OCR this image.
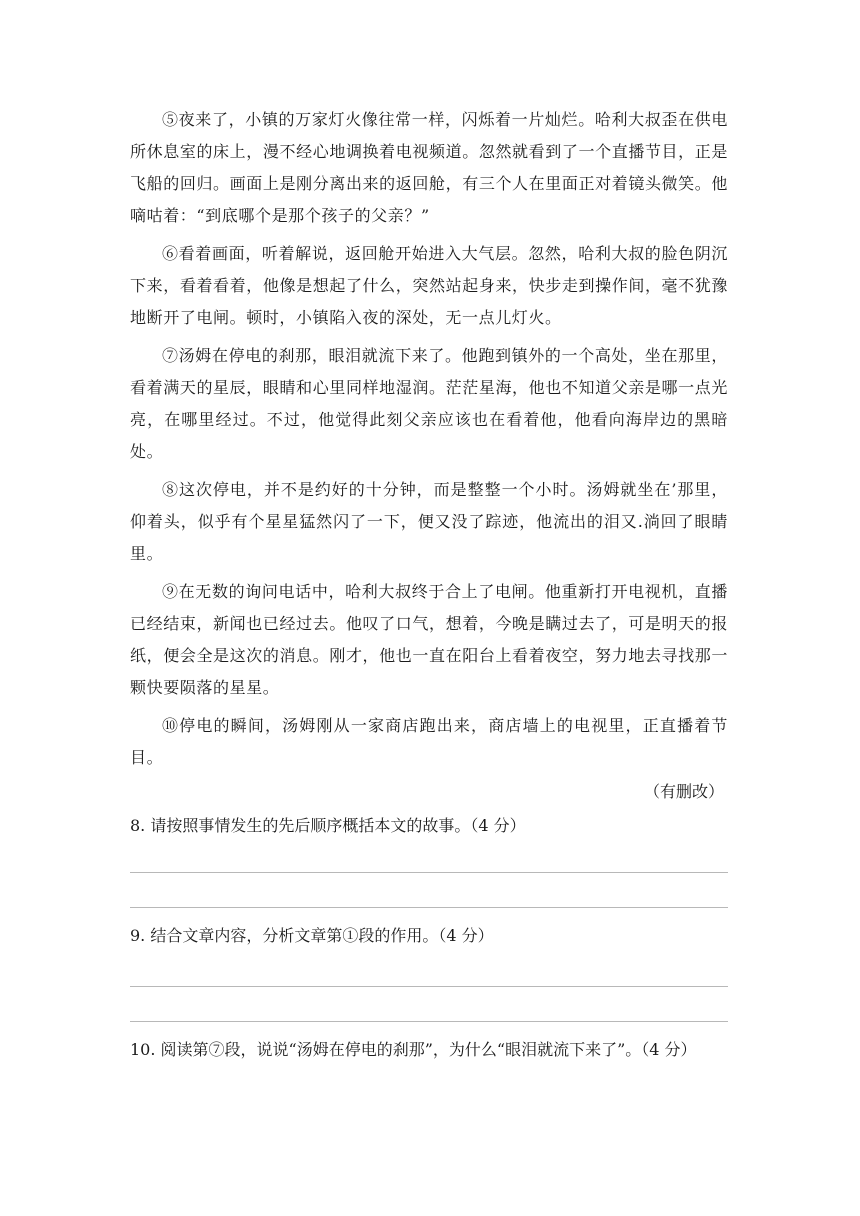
⑤夜来了，小镇的万家灯火像往常一样，闪烁着一片灿烂。哈利大叔歪在供电所休息室的床上，漫不经心地调换着电视频道。忽然就看到了一个直播节目，正是飞船的回归。画面上是刚分离出来的返回舱，有三个人在里面正对着镜头微笑。他嘀咕着：“到底哪个是那个孩子的父亲？”

⑥看着画面，听着解说，返回舱开始进入大气层。忽然，哈利大叔的脸色阴沉下来，看着看着，他像是想起了什么，突然站起身来，快步走到操作间，毫不犹豫地断开了电闸。顿时，小镇陷入夜的深处，无一点儿灯火。

⑦汤姆在停电的刹那，眼泪就流下来了。他跑到镇外的一个高处，坐在那里，看着满天的星辰，眼睛和心里同样地湿润。茫茫星海，他也不知道父亲是哪一点光亮，在哪里经过。不过，他觉得此刻父亲应该也在看着他，他看向海岸边的黑暗处。

⑧这次停电，并不是约好的十分钟，而是整整一个小时。汤姆就坐在’那里，仰着头，似乎有个星星猛然闪了一下，便又没了踪迹，他流出的泪又.淌回了眼睛里。

⑨在无数的询问电话中，哈利大叔终于合上了电闸。他重新打开电视机，直播已经结束，新闻也已经过去。他叹了口气，想着，今晚是瞒过去了，可是明天的报纸，便会全是这次的消息。刚才，他也一直在阳台上看着夜空，努力地去寻找那一颗快要陨落的星星。

⑩停电的瞬间，汤姆刚从一家商店跑出来，商店墙上的电视里，正直播着节目。

（有删改）

8. 请按照事情发生的先后顺序概括本文的故事。（4 分）

9. 结合文章内容，分析文章第①段的作用。（4 分）

10. 阅读第⑦段，说说“汤姆在停电的刹那”，为什么“眼泪就流下来了”。（4 分）
